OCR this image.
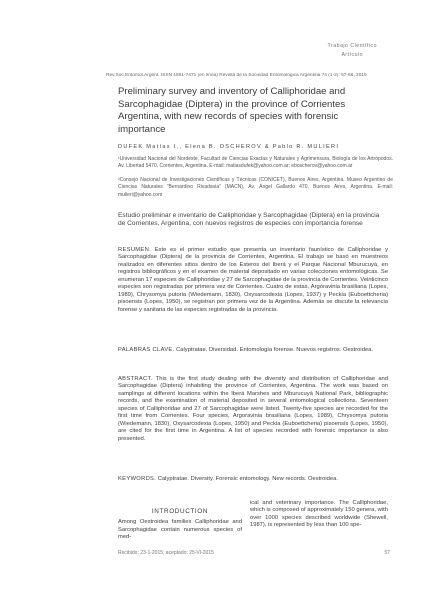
Trabajo Científico
Artículo
Rev.Soc.Entomol.Argent. ISSN 1851-7471 (en línea) Revista de la Sociedad Entomológica Argentina 74 (1-2): 57-66, 2015
Preliminary survey and inventory of Calliphoridae and Sarcophagidae (Diptera) in the province of Corrientes Argentina, with new records of species with forensic importance
DUFEK Matías I., Elena B. OSCHEROV & Pablo R. MULIERI
¹Universidad Nacional del Nordeste, Facultad de Ciencias Exactas y Naturales y Agrimensura, Biología de los Artrópodos. Av. Libertad 5470, Corrientes, Argentina. E-mail: matiasdufek@yahoo.com.ar; eboscherov@yahoo.com.ar
²Consejo Nacional de Investigaciones Científicas y Técnicas (CONICET), Buenos Aires, Argentina. Museo Argentino de Ciencias Naturales “Bernardino Rivadavia” (MACN), Av. Ángel Gallardo 470, Buenos Aires, Argentina. E-mail: mulieri@yahoo.com
Estudio preliminar e inventario de Calliphoridae y Sarcophagidae (Diptera) en la provincia de Corrientes, Argentina, con nuevos registros de especies con importancia forense
RESUMEN. Este es el primer estudio que presenta un inventario faunístico de Calliphoridae y Sarcophagidae (Diptera) de la provincia de Corrientes, Argentina. El trabajo se basó en muestreos realizados en diferentes sitios dentro de los Esteros del Iberá y el Parque Nacional Mburucuyá, en registros bibliográficos y en el examen de material depositado en varias colecciones entomológicas. Se enumeran 17 especies de Calliphoridae y 27 de Sarcophagidae de la provincia de Corrientes. Veinticinco especies son registradas por primera vez de Corrientes. Cuatro de estas, Argoravinia brasiliana (Lopes, 1989), Chrysomya putoria (Wiedemann, 1830), Oxysarcodexia (Lopes, 1937) y Peckia (Euboettcheria) pisoensis (Lopes, 1950), se registran por primera vez de la Argentina. Además se discute la relevancia forense y sanitaria de las especies registradas de la provincia.
PALABRAS CLAVE. Calyptratae. Diversidad. Entomología forense. Nuevos registros. Oestroidea.
ABSTRACT. This is the first study dealing with the diversity and distribution of Calliphoridae and Sarcophagidae (Diptera) inhabiting the province of Corrientes, Argentina. The work was based on samplings at different locations within the Iberá Marshes and Mburucuyá National Park, bibliographic records, and the examination of material deposited in several entomological collections. Seventeen species of Calliphoridae and 27 of Sarcophagidae were listed. Twenty-five species are recorded for the first time from Corrientes. Four species, Argoravinia brasiliana (Lopes, 1989), Chrysomya putoria (Wiedemann, 1830), Oxysarcodexia (Lopes, 1950) and Peckia (Euboettcheria) pisoensis (Lopes, 1950), are cited for the first time in Argentina. A list of species recorded with forensic importance is also presented.
KEYWORDS. Calyptratae. Diversity. Forensic entomology. New records. Oestroidea.
INTRODUCTION
Among Oestroidea families Calliphoridae and Sarcophagidae contain numerous species of med-
ical and veterinary importance. The Calliphoridae, which is composed of approximately 150 genera, with over 1000 species described worldwide (Shewell, 1987), is represented by less than 100 spe-
Recibido: 23-1-2015; aceptado: 25-VI-2015	57
